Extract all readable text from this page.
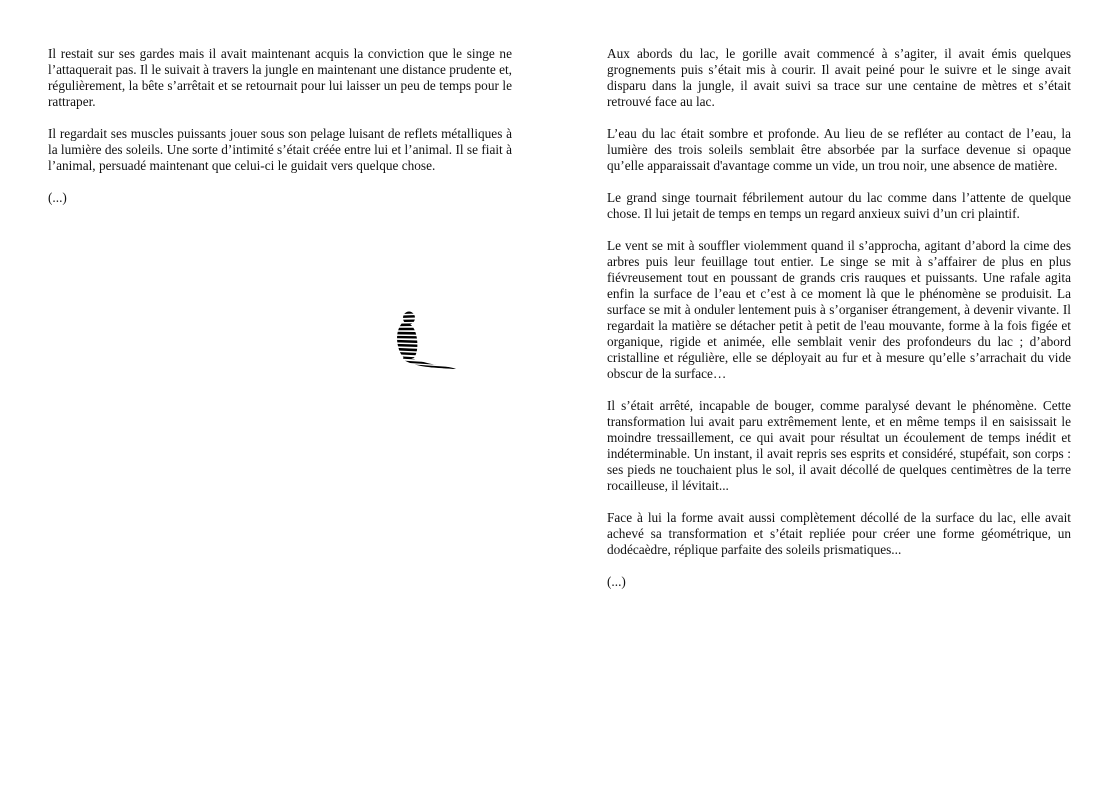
Il restait sur ses gardes mais il avait maintenant acquis la conviction que le singe ne l’attaquerait pas. Il le suivait à travers la jungle en maintenant une distance prudente et, régulièrement, la bête s’arrêtait et se retournait pour lui laisser un peu de temps pour le rattraper.

Il regardait ses muscles puissants jouer sous son pelage luisant de reflets métalliques à la lumière des soleils. Une sorte d’intimité s’était créée entre lui et l’animal. Il se fiait à l’animal, persuadé maintenant que celui-ci le guidait vers quelque chose.

(...)

Aux abords du lac, le gorille avait commencé à s’agiter, il avait émis quelques grognements puis s’était mis à courir. Il avait peiné pour le suivre et le singe avait disparu dans la jungle, il avait suivi sa trace sur une centaine de mètres et s’était retrouvé face au lac.

L’eau du lac était sombre et profonde. Au lieu de se refléter au contact de l’eau, la lumière des trois soleils semblait être absorbée par la surface devenue si opaque qu’elle apparaissait d'avantage comme un vide, un trou noir, une absence de matière.

Le grand singe tournait fébrilement autour du lac comme dans l’attente de quelque chose. Il lui jetait de temps en temps un regard anxieux suivi d’un cri plaintif.

Le vent se mit à souffler violemment quand il s’approcha, agitant d’abord la cime des arbres puis leur feuillage tout entier. Le singe se mit à s’affairer de plus en plus fiévreusement tout en poussant de grands cris rauques et puissants. Une rafale agita enfin la surface de l’eau et c’est à ce moment là que le phénomène se produisit. La surface se mit à onduler lentement puis à s’organiser étrangement, à devenir vivante. Il regardait la matière se détacher petit à petit de l'eau mouvante, forme à la fois figée et organique, rigide et animée, elle semblait venir des profondeurs du lac ; d’abord cristalline et régulière, elle se déployait au fur et à mesure qu’elle s’arrachait du vide obscur de la surface…

Il s’était arrêté, incapable de bouger, comme paralysé devant le phénomène. Cette transformation lui avait paru extrêmement lente, et en même temps il en saisissait le moindre tressaillement, ce qui avait pour résultat un écoulement de temps inédit et indéterminable. Un instant, il avait repris ses esprits et considéré, stupéfait, son corps : ses pieds ne touchaient plus le sol, il avait décollé de quelques centimètres de la terre rocailleuse, il lévitait...

Face à lui la forme avait aussi complètement décollé de la surface du lac, elle avait achevé sa transformation et s’était repliée pour créer une forme géométrique, un dodécaèdre, réplique parfaite des soleils prismatiques...

(...)
